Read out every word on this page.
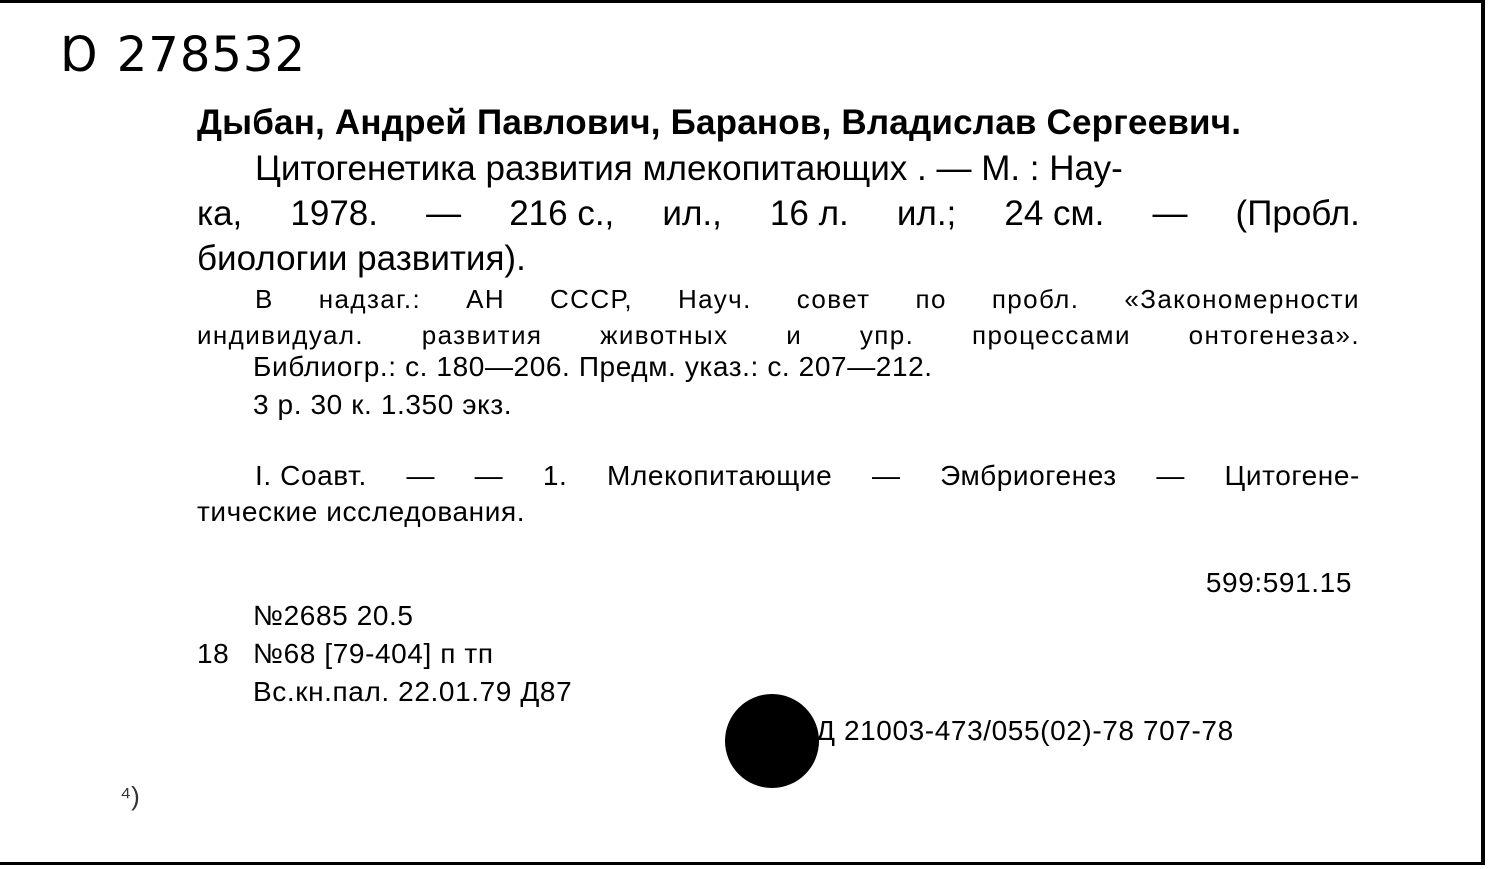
Ɒ 278532
Дыбан, Андрей Павлович, Баранов, Владислав Сергеевич.
Цитогенетика развития млекопитающих . — М. : Нау-
ка, 1978. — 216 с., ил., 16 л. ил.; 24 см. — (Пробл.
биологии развития).
В надзаг.: АН СССР, Науч. совет по пробл. «Закономерности
индивидуал. развития животных и упр. процессами онтогенеза».
Библиогр.: с. 180—206. Предм. указ.: с. 207—212.
3 р. 30 к. 1.350 экз.
I. Соавт. — — 1. Млекопитающие — Эмбриогенез — Цитогене-
тические исследования.
599:591.15
№2685 20.5
18 №68 [79-404] п тп
Вс.кн.пал. 22.01.79 Д87
Д 21003-473/055(02)-78 707-78
⁴)
